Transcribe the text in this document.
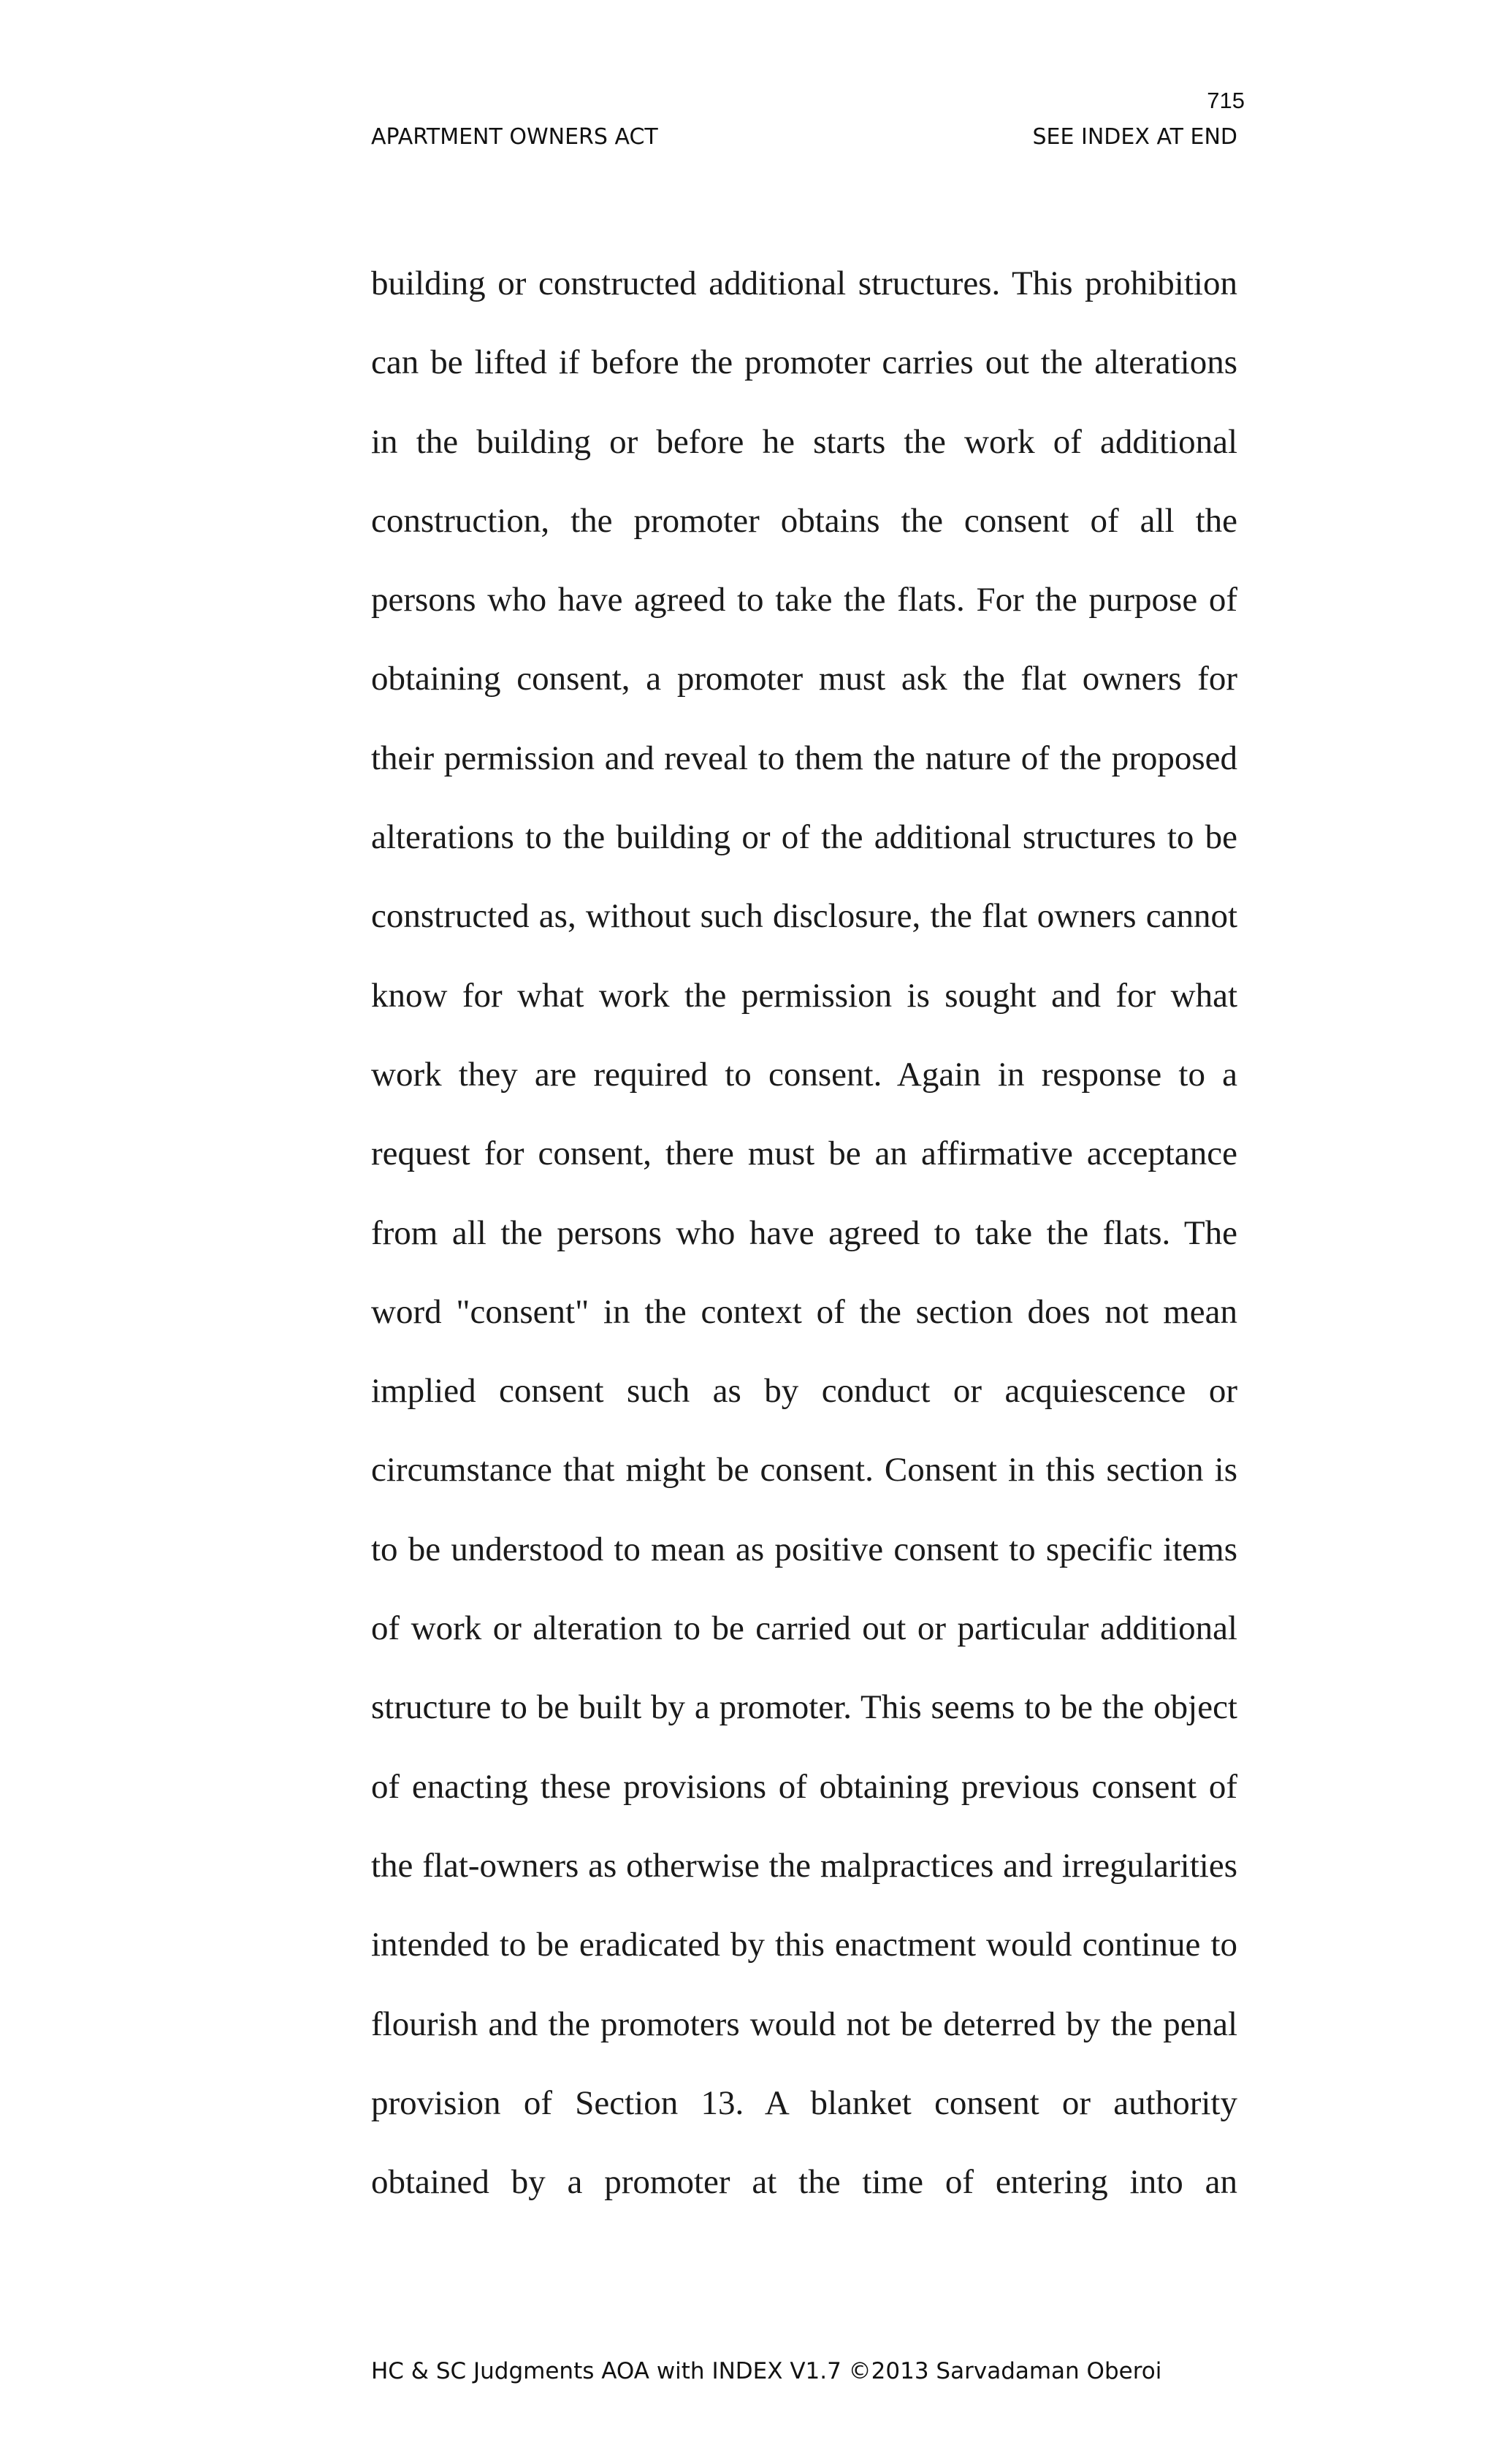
715
APARTMENT OWNERS ACT	SEE INDEX AT END
building or constructed additional structures. This prohibition
can be lifted if before the promoter carries out the alterations
in the building or before he starts the work of additional
construction, the promoter obtains the consent of all the
persons who have agreed to take the flats. For the purpose of
obtaining consent, a promoter must ask the flat owners for
their permission and reveal to them the nature of the proposed
alterations to the building or of the additional structures to be
constructed as, without such disclosure, the flat owners cannot
know for what work the permission is sought and for what
work they are required to consent. Again in response to a
request for consent, there must be an affirmative acceptance
from all the persons who have agreed to take the flats. The
word "consent" in the context of the section does not mean
implied consent such as by conduct or acquiescence or
circumstance that might be consent. Consent in this section is
to be understood to mean as positive consent to specific items
of work or alteration to be carried out or particular additional
structure to be built by a promoter. This seems to be the object
of enacting these provisions of obtaining previous consent of
the flat-owners as otherwise the malpractices and irregularities
intended to be eradicated by this enactment would continue to
flourish and the promoters would not be deterred by the penal
provision of Section 13. A blanket consent or authority
obtained by a promoter at the time of entering into an
HC & SC Judgments AOA with INDEX V1.7 ©2013 Sarvadaman Oberoi
